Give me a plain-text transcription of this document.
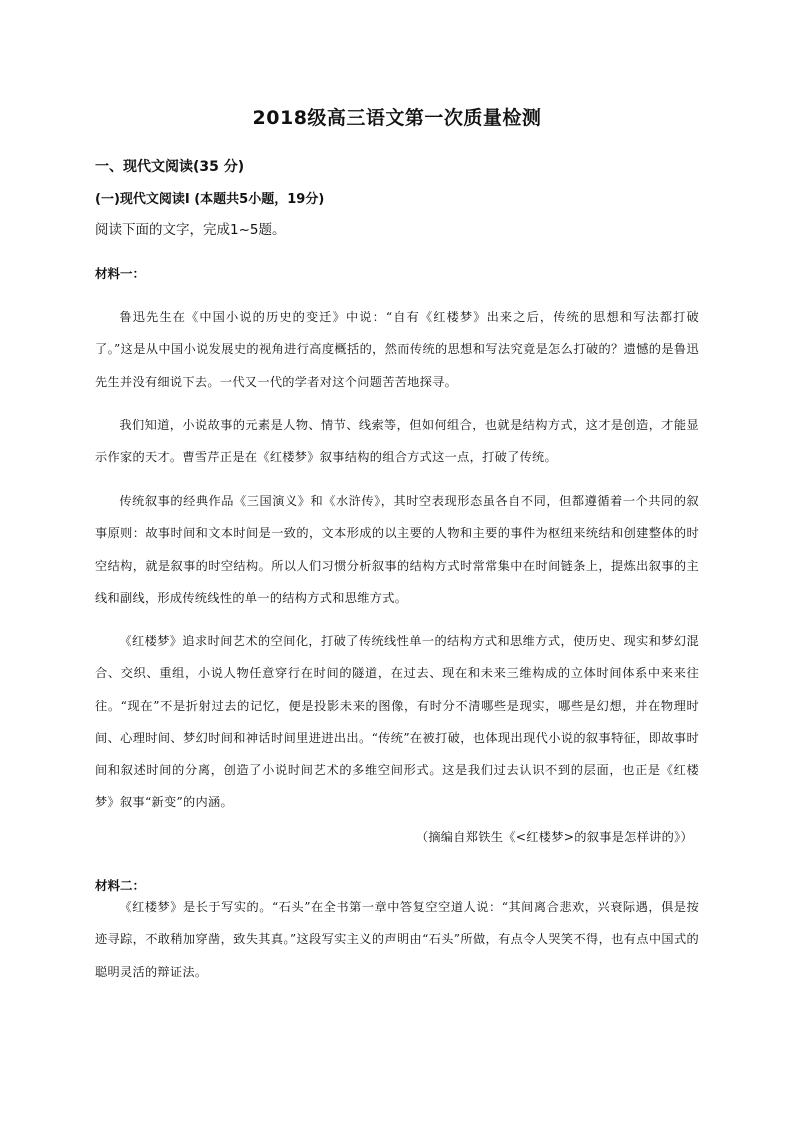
2018级高三语文第一次质量检测
一、现代文阅读(35 分)
(一)现代文阅读Ⅰ (本题共5小题，19分)
阅读下面的文字，完成1~5题。
材料一：

鲁迅先生在《中国小说的历史的变迁》中说：“自有《红楼梦》出来之后，传统的思想和写法都打破了。”这是从中国小说发展史的视角进行高度概括的，然而传统的思想和写法究竟是怎么打破的？遗憾的是鲁迅先生并没有细说下去。一代又一代的学者对这个问题苦苦地探寻。

我们知道，小说故事的元素是人物、情节、线索等，但如何组合，也就是结构方式，这才是创造，才能显示作家的天才。曹雪芹正是在《红楼梦》叙事结构的组合方式这一点，打破了传统。

传统叙事的经典作品《三国演义》和《水浒传》，其时空表现形态虽各自不同，但都遵循着一个共同的叙事原则：故事时间和文本时间是一致的，文本形成的以主要的人物和主要的事件为枢纽来统结和创建整体的时空结构，就是叙事的时空结构。所以人们习惯分析叙事的结构方式时常常集中在时间链条上，提炼出叙事的主线和副线，形成传统线性的单一的结构方式和思维方式。

《红楼梦》追求时间艺术的空间化，打破了传统线性单一的结构方式和思维方式，使历史、现实和梦幻混合、交织、重组，小说人物任意穿行在时间的隧道，在过去、现在和未来三维构成的立体时间体系中来来往往。“现在”不是折射过去的记忆，便是投影未来的图像，有时分不清哪些是现实，哪些是幻想，并在物理时间、心理时间、梦幻时间和神话时间里进进出出。“传统”在被打破，也体现出现代小说的叙事特征，即故事时间和叙述时间的分离，创造了小说时间艺术的多维空间形式。这是我们过去认识不到的层面，也正是《红楼梦》叙事“新变”的内涵。

（摘编自郑铁生《<红楼梦>的叙事是怎样讲的》）
材料二：

《红楼梦》是长于写实的。“石头”在全书第一章中答复空空道人说：“其间离合悲欢，兴衰际遇，俱是按迹寻踪，不敢稍加穿凿，致失其真。”这段写实主义的声明由“石头”所做，有点令人哭笑不得，也有点中国式的聪明灵活的辩证法。
